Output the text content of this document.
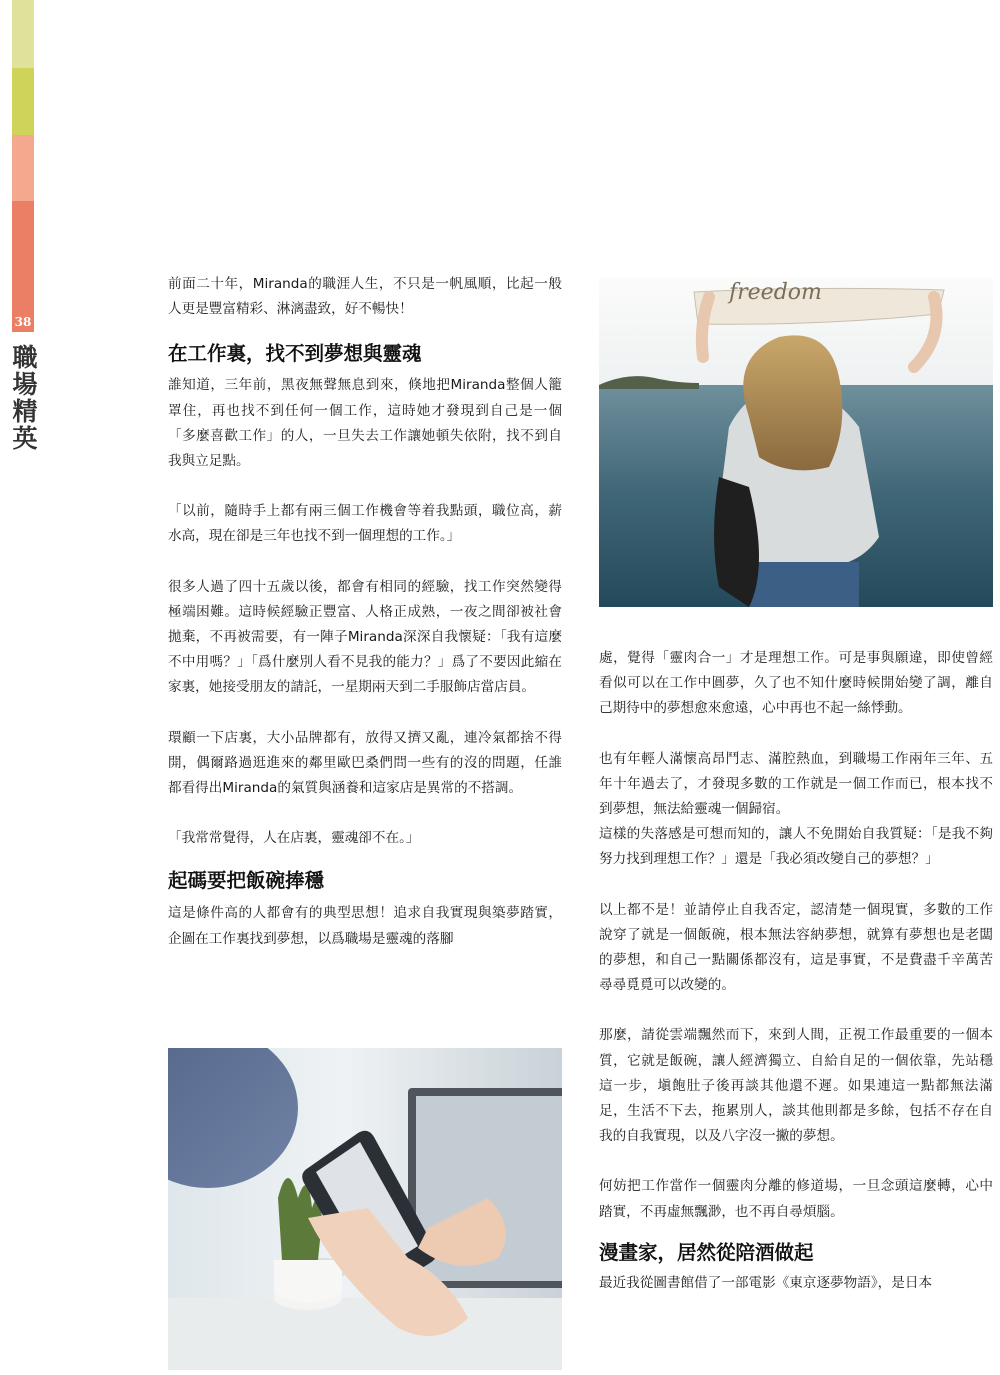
38
職場精英

前面二十年，Miranda的職涯人生，不只是一帆風順，比起一般人更是豐富精彩、淋漓盡致，好不暢快！

在工作裏，找不到夢想與靈魂

誰知道，三年前，黑夜無聲無息到來，倏地把Miranda整個人籠罩住，再也找不到任何一個工作，這時她才發現到自己是一個「多麼喜歡工作」的人，一旦失去工作讓她頓失依附，找不到自我與立足點。

「以前，隨時手上都有兩三個工作機會等着我點頭，職位高，薪水高，現在卻是三年也找不到一個理想的工作。」

很多人過了四十五歲以後，都會有相同的經驗，找工作突然變得極端困難。這時候經驗正豐富、人格正成熟，一夜之間卻被社會拋棄，不再被需要，有一陣子Miranda深深自我懷疑：「我有這麼不中用嗎？」「爲什麼別人看不見我的能力？」爲了不要因此縮在家裏，她接受朋友的請託，一星期兩天到二手服飾店當店員。

環顧一下店裏，大小品牌都有，放得又擠又亂，連冷氣都捨不得開，偶爾路過逛進來的鄰里歐巴桑們問一些有的沒的問題，任誰都看得出Miranda的氣質與涵養和這家店是異常的不搭調。

「我常常覺得，人在店裏，靈魂卻不在。」

起碼要把飯碗捧穩

這是條件高的人都會有的典型思想！追求自我實現與築夢踏實，企圖在工作裏找到夢想，以爲職場是靈魂的落腳

freedom

處，覺得「靈肉合一」才是理想工作。可是事與願違，即使曾經看似可以在工作中圓夢，久了也不知什麼時候開始變了調，離自己期待中的夢想愈來愈遠，心中再也不起一絲悸動。

也有年輕人滿懷高昂鬥志、滿腔熱血，到職場工作兩年三年、五年十年過去了，才發現多數的工作就是一個工作而已，根本找不到夢想，無法給靈魂一個歸宿。

這樣的失落感是可想而知的，讓人不免開始自我質疑：「是我不夠努力找到理想工作？」還是「我必須改變自己的夢想？」

以上都不是！並請停止自我否定，認清楚一個現實，多數的工作說穿了就是一個飯碗，根本無法容納夢想，就算有夢想也是老闆的夢想，和自己一點關係都沒有，這是事實，不是費盡千辛萬苦尋尋覓覓可以改變的。

那麼，請從雲端飄然而下，來到人間，正視工作最重要的一個本質，它就是飯碗，讓人經濟獨立、自給自足的一個依靠，先站穩這一步，塡飽肚子後再談其他還不遲。如果連這一點都無法滿足，生活不下去，拖累別人，談其他則都是多餘，包括不存在自我的自我實現，以及八字沒一撇的夢想。

何妨把工作當作一個靈肉分離的修道場，一旦念頭這麼轉，心中踏實，不再虛無飄渺，也不再自尋煩腦。

漫畫家，居然從陪酒做起

最近我從圖書館借了一部電影《東京逐夢物語》，是日本
